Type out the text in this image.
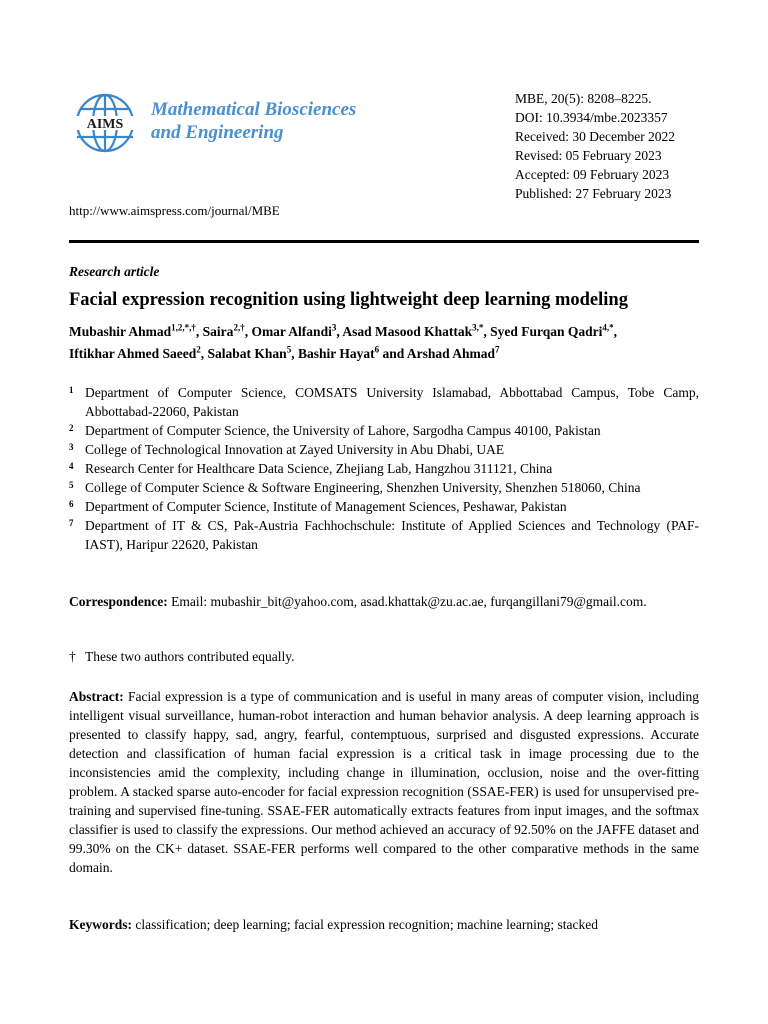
AIMS
Mathematical Biosciences
and Engineering
MBE, 20(5): 8208–8225.
DOI: 10.3934/mbe.2023357
Received: 30 December 2022
Revised: 05 February 2023
Accepted: 09 February 2023
Published: 27 February 2023
http://www.aimspress.com/journal/MBE
Research article
Facial expression recognition using lightweight deep learning modeling
Mubashir Ahmad$^{1,2,*,\dagger}$, Saira$^{2,\dagger}$, Omar Alfandi$^3$, Asad Masood Khattak$^{3,*}$, Syed Furqan Qadri$^{4,*}$,
Iftikhar Ahmed Saeed$^2$, Salabat Khan$^5$, Bashir Hayat$^6$ and Arshad Ahmad$^7$
1 Department of Computer Science, COMSATS University Islamabad, Abbottabad Campus, Tobe Camp, Abbottabad-22060, Pakistan
2 Department of Computer Science, the University of Lahore, Sargodha Campus 40100, Pakistan
3 College of Technological Innovation at Zayed University in Abu Dhabi, UAE
4 Research Center for Healthcare Data Science, Zhejiang Lab, Hangzhou 311121, China
5 College of Computer Science & Software Engineering, Shenzhen University, Shenzhen 518060, China
6 Department of Computer Science, Institute of Management Sciences, Peshawar, Pakistan
7 Department of IT & CS, Pak-Austria Fachhochschule: Institute of Applied Sciences and Technology (PAF-IAST), Haripur 22620, Pakistan
Correspondence: Email: mubashir_bit@yahoo.com, asad.khattak@zu.ac.ae, furqangillani79@gmail.com.
† These two authors contributed equally.
Abstract: Facial expression is a type of communication and is useful in many areas of computer vision, including intelligent visual surveillance, human-robot interaction and human behavior analysis. A deep learning approach is presented to classify happy, sad, angry, fearful, contemptuous, surprised and disgusted expressions. Accurate detection and classification of human facial expression is a critical task in image processing due to the inconsistencies amid the complexity, including change in illumination, occlusion, noise and the over-fitting problem. A stacked sparse auto-encoder for facial expression recognition (SSAE-FER) is used for unsupervised pre-training and supervised fine-tuning. SSAE-FER automatically extracts features from input images, and the softmax classifier is used to classify the expressions. Our method achieved an accuracy of 92.50% on the JAFFE dataset and 99.30% on the CK+ dataset. SSAE-FER performs well compared to the other comparative methods in the same domain.
Keywords: classification; deep learning; facial expression recognition; machine learning; stacked
